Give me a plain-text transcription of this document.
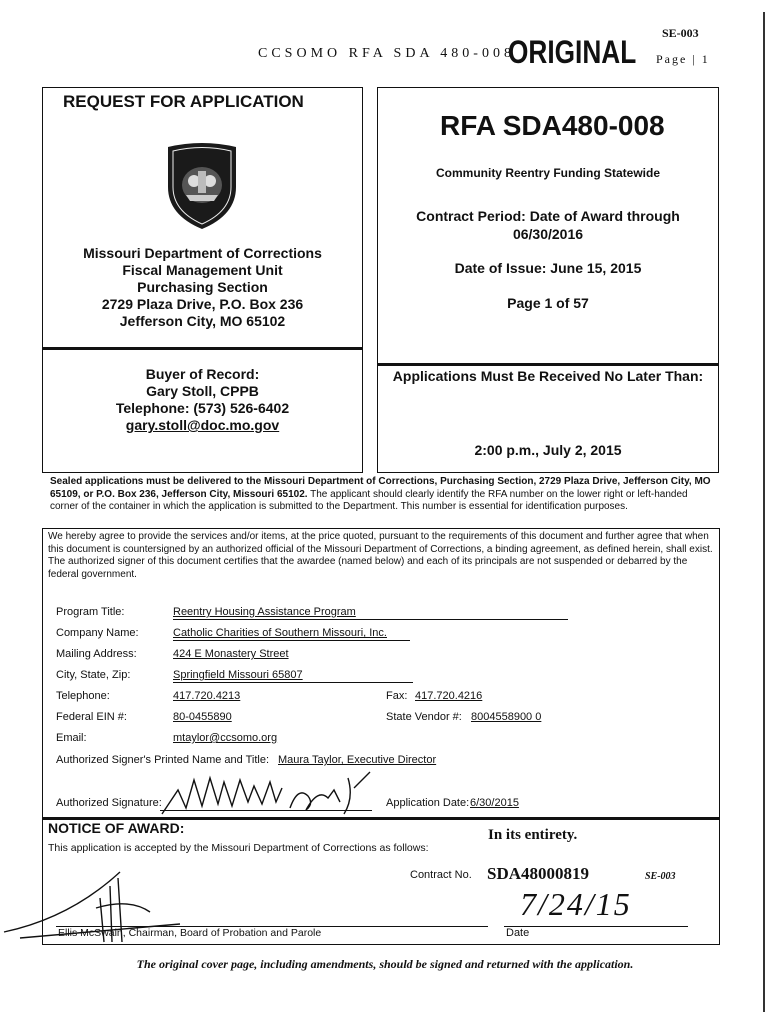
SE-003
CCSOMO RFA SDA 480-008
ORIGINAL Page | 1
REQUEST FOR APPLICATION
Missouri Department of Corrections
Fiscal Management Unit
Purchasing Section
2729 Plaza Drive, P.O. Box 236
Jefferson City, MO 65102
RFA SDA480-008
Community Reentry Funding Statewide
Contract Period: Date of Award through 06/30/2016
Date of Issue: June 15, 2015
Page 1 of 57
Buyer of Record:
Gary Stoll, CPPB
Telephone: (573) 526-6402
gary.stoll@doc.mo.gov
Applications Must Be Received No Later Than:
2:00 p.m., July 2, 2015
Sealed applications must be delivered to the Missouri Department of Corrections, Purchasing Section, 2729 Plaza Drive, Jefferson City, MO 65109, or P.O. Box 236, Jefferson City, Missouri 65102. The applicant should clearly identify the RFA number on the lower right or left-handed corner of the container in which the application is submitted to the Department. This number is essential for identification purposes.
We hereby agree to provide the services and/or items, at the price quoted, pursuant to the requirements of this document and further agree that when this document is countersigned by an authorized official of the Missouri Department of Corrections, a binding agreement, as defined herein, shall exist. The authorized signer of this document certifies that the awardee (named below) and each of its principals are not suspended or debarred by the federal government.
Program Title:	Reentry Housing Assistance Program
Company Name:	Catholic Charities of Southern Missouri, Inc.
Mailing Address:	424 E Monastery Street
City, State, Zip:	Springfield Missouri 65807
Telephone:	417.720.4213	Fax: 417.720.4216
Federal EIN #:	80-0455890	State Vendor #: 8004558900 0
Email:	mtaylor@ccsomo.org
Authorized Signer's Printed Name and Title: Maura Taylor, Executive Director
Authorized Signature:	Application Date: 6/30/2015
NOTICE OF AWARD:
This application is accepted by the Missouri Department of Corrections as follows:
In its entirety.
Contract No. SDA48000819	SE-003
Ellis McSwain, Chairman, Board of Probation and Parole	Date
7/24/15
The original cover page, including amendments, should be signed and returned with the application.
